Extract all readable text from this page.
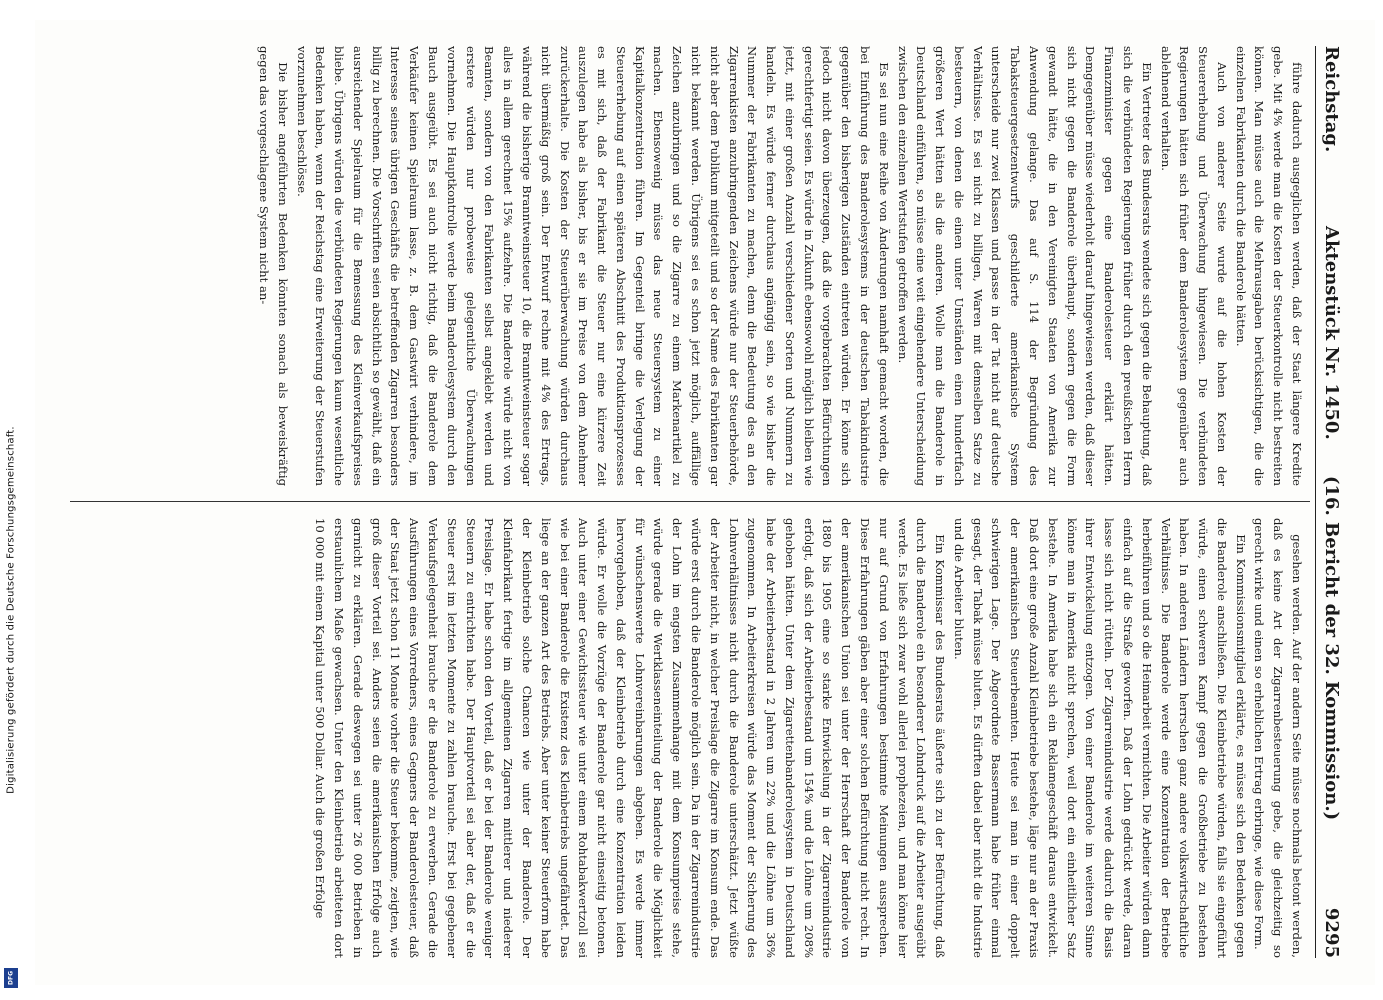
Digitalisierung gefördert durch die Deutsche Forschungsgemeinschaft.
DFG
Reichstag.
Aktenstück Nr. 1450.
(16. Bericht der 32. Kommission.)              9295

führe dadurch ausgeglichen werden, daß der Staat längere Kredite gebe. Mit 4% werde man die Kosten der Steuerkontrolle nicht bestreiten können. Man müsse auch die Mehrausgaben berücksichtigen, die die einzelnen Fabrikanten durch die Banderole hätten.

Auch von anderer Seite wurde auf die hohen Kosten der Steuererhebung und Überwachung hingewiesen. Die verbündeten Regierungen hätten sich früher dem Banderolesystem gegenüber auch ablehnend verhalten.

Ein Vertreter des Bundesrats wendete sich gegen die Behauptung, daß sich die verbündeten Regierungen früher durch den preußischen Herrn Finanzminister gegen eine Banderolesteuer erklärt hätten. Demgegenüber müsse wiederholt darauf hingewiesen werden, daß dieser sich nicht gegen die Banderole überhaupt, sondern gegen die Form gewandt hätte, die in den Vereinigten Staaten von Amerika zur Anwendung gelange. Das auf S. 114 der Begründung des Tabaksteuergesetzentwurfs geschilderte amerikanische System unterscheide nur zwei Klassen und passe in der Tat nicht auf deutsche Verhältnisse. Es sei nicht zu billigen, Waren mit demselben Satze zu besteuern, von denen die einen unter Umständen einen hundertfach größeren Wert hätten als die anderen. Wolle man die Banderole in Deutschland einführen, so müsse eine weit eingehendere Unterscheidung zwischen den einzelnen Wertstufen getroffen werden.

Es sei nun eine Reihe von Änderungen namhaft gemacht worden, die bei Einführung des Banderolesystems in der deutschen Tabakindustrie gegenüber den bisherigen Zuständen eintreten würden. Er könne sich jedoch nicht davon überzeugen, daß die vorgebrachten Befürchtungen gerechtfertigt seien. Es würde in Zukunft ebensowohl möglich bleiben wie jetzt, mit einer großen Anzahl verschiedener Sorten und Nummern zu handeln. Es würde ferner durchaus angängig sein, so wie bisher die Nummer der Fabrikanten zu machen, denn die Bedeutung des an den Zigarrenkisten anzubringenden Zeichens würde nur der Steuerbehörde, nicht aber dem Publikum mitgeteilt und so der Name des Fabrikanten gar nicht bekannt werden. Übrigens sei es schon jetzt möglich, auffällige Zeichen anzubringen und so die Zigarre zu einem Markenartikel zu machen. Ebensowenig müsse das neue Steuersystem zu einer Kapitalkonzentration führen. Im Gegenteil bringe die Verlegung der Steuererhebung auf einen späteren Abschnitt des Produktionsprozesses es mit sich, daß der Fabrikant die Steuer nur eine kürzere Zeit auszulegen habe als bisher, bis er sie im Preise von dem Abnehmer zurückerhalte. Die Kosten der Steuerüberwachung würden durchaus nicht übermäßig groß sein. Der Entwurf rechne mit 4% des Ertrags, während die bisherige Branntweinsteuer 10, die Branntweinsteuer sogar alles in allem gerechnet 15% aufzehre. Die Banderole würde nicht von Beamten, sondern von den Fabrikanten selbst angeklebt werden und erstere würden nur probeweise gelegentliche Überwachungen vornehmen. Die Hauptkontrolle werde beim Banderolesystem durch den Bauch ausgeübt. Es sei auch nicht richtig, daß die Banderole dem Verkäufer keinen Spielraum lasse, z. B. dem Gastwirt verhindere, im Interesse seines übrigen Geschäfts die betreffenden Zigarren besonders billig zu berechnen. Die Vorschriften seien absichtlich so gewählt, daß ein ausreichender Spielraum für die Bemessung des Kleinverkaufspreises bliebe. Übrigens würden die verbündeten Regierungen kaum wesentliche Bedenken haben, wenn der Reichstag eine Erweiterung der Steuerstufen vorzunehmen beschlösse.

Die bisher angeführten Bedenken könnten sonach als beweiskräftig gegen das vorgeschlagene System nicht an-

gesehen werden. Auf der andern Seite müsse nochmals betont werden, daß es keine Art der Zigarrenbesteuerung gebe, die gleichzeitig so gerecht wirke und einen so erheblichen Ertrag erbringe, wie diese Form.

Ein Kommissionsmitglied erklärte, es müsse sich den Bedenken gegen die Banderole anschließen. Die Kleinbetriebe würden, falls sie eingeführt würde, einen schweren Kampf gegen die Großbetriebe zu bestehen haben. In anderen Ländern herrschen ganz andere volkswirtschaftliche Verhältnisse. Die Banderole werde eine Konzentration der Betriebe herbeiführen und so die Heimarbeit vernichten. Die Arbeiter würden dann einfach auf die Straße geworfen. Daß der Lohn gedrückt werde, daran lasse sich nicht rütteln. Der Zigarrenindustrie werde dadurch die Basis ihrer Entwickelung entzogen. Von einer Banderole im weiteren Sinne könne man in Amerika nicht sprechen, weil dort ein einheitlicher Satz bestehe. In Amerika habe sich ein Reklamegeschäft daraus entwickelt. Daß dort eine große Anzahl Kleinbetriebe bestehe, läge nur an der Praxis der amerikanischen Steuerbeamten. Heute sei man in einer doppelt schwierigen Lage. Der Abgeordnete Bassermann habe früher einmal gesagt, der Tabak müsse bluten. Es dürften dabei aber nicht die Industrie und die Arbeiter bluten.

Ein Kommissar des Bundesrats äußerte sich zu der Befürchtung, daß durch die Banderole ein besonderer Lohndruck auf die Arbeiter ausgeübt werde. Es ließe sich zwar wohl allerlei prophezeien, und man könne hier nur auf Grund von Erfahrungen bestimmte Meinungen aussprechen. Diese Erfahrungen gäben aber einer solchen Befürchtung nicht recht. In der amerikanischen Union sei unter der Herrschaft der Banderole von 1880 bis 1905 eine so starke Entwickelung in der Zigarrenindustrie erfolgt, daß sich der Arbeiterbestand um 154% und die Löhne um 208% gehoben hätten. Unter dem Zigarettenbanderolesystem in Deutschland habe der Arbeiterbestand in 2 Jahren um 22% und die Löhne um 36% zugenommen. In Arbeiterkreisen würde das Moment der Sicherung des Lohnverhältnisses nicht durch die Banderole unterschätzt. Jetzt wüßte der Arbeiter nicht, in welcher Preislage die Zigarre im Konsum ende. Das würde erst durch die Banderole möglich sein. Da in der Zigarrenindustrie der Lohn im engsten Zusammenhange mit dem Konsumpreise stehe, würde gerade die Wertklasseneinteilung der Banderole die Möglichkeit für wünschenswerte Lohnvereinbarungen abgeben. Es werde immer hervorgehoben, daß der Kleinbetrieb durch eine Konzentration leiden würde. Er wolle die Vorzüge der Banderole gar nicht einseitig betonen. Auch unter einer Gewichtssteuer wie unter einem Rohtabakwertzoll sei wie bei einer Banderole die Existenz des Kleinbetriebs ungefährdet. Das liege an der ganzen Art des Betriebs. Aber unter keiner Steuerform habe der Kleinbetrieb solche Chancen wie unter der Banderole. Der Kleinfabrikant fertige im allgemeinen Zigarren mittlerer und niederer Preislage. Er habe schon den Vorteil, daß er bei der Banderole weniger Steuern zu entrichten habe. Der Hauptvorteil sei aber der, daß er die Steuer erst im letzten Momente zu zahlen brauche. Erst bei gegebener Verkaufsgelegenheit brauche er die Banderole zu erwerben. Gerade die Ausführungen eines Vorredners, eines Gegners der Banderolesteuer, daß der Staat jetzt schon 11 Monate vorher die Steuer bekomme, zeigten, wie groß dieser Vorteil sei. Anders seien die amerikanischen Erfolge auch garnicht zu erklären. Gerade deswegen sei unter 26 000 Betrieben in erstaunlichem Maße gewachsen. Unter den Kleinbetrieb arbeiteten dort 10 000 mit einem Kapital unter 500 Dollar. Auch die großen Erfolge
